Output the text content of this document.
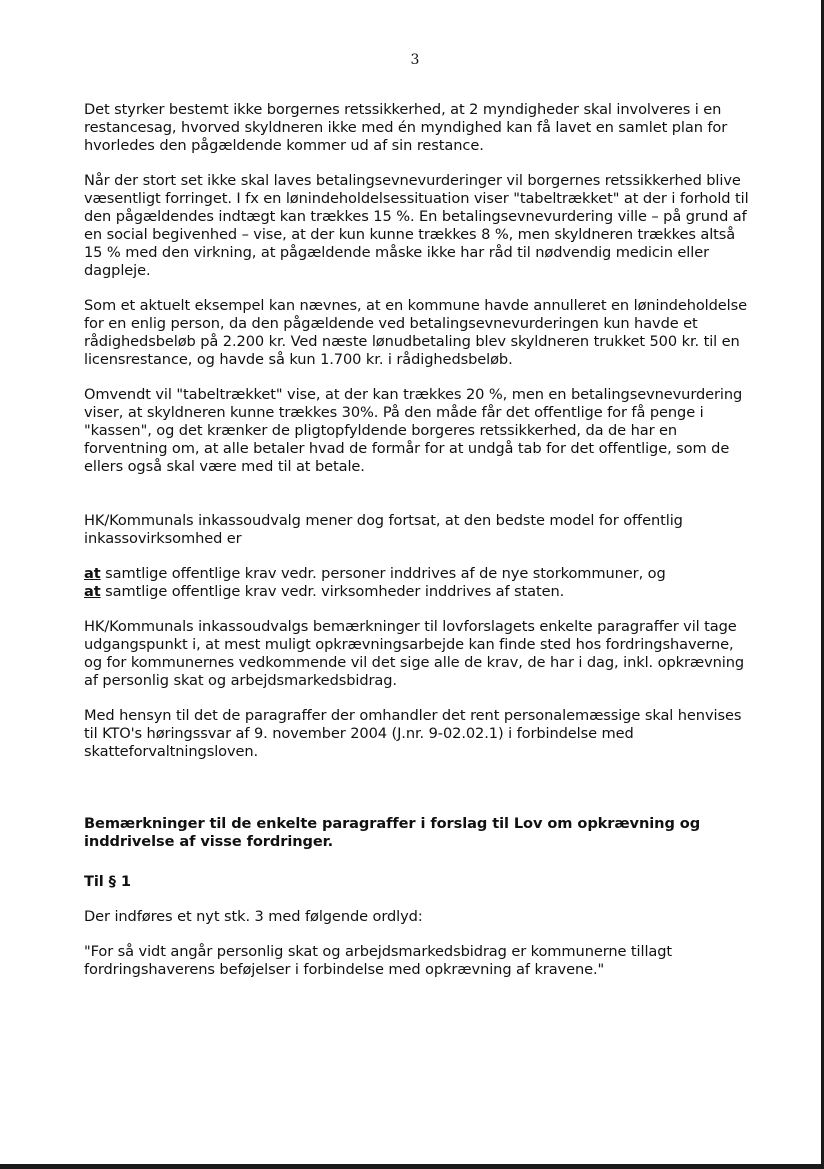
3

Det styrker bestemt ikke borgernes retssikkerhed, at 2 myndigheder skal involveres i en restancesag, hvorved skyldneren ikke med én myndighed kan få lavet en samlet plan for hvorledes den pågældende kommer ud af sin restance.

Når der stort set ikke skal laves betalingsevnevurderinger vil borgernes retssikkerhed blive væsentligt forringet. I fx en lønindeholdelsessituation viser "tabeltrækket" at der i forhold til den pågældendes indtægt kan trækkes 15 %. En betalingsevnevurdering ville – på grund af en social begivenhed – vise, at der kun kunne trækkes 8 %, men skyldneren trækkes altså 15 % med den virkning, at pågældende måske ikke har råd til nødvendig medicin eller dagpleje.

Som et aktuelt eksempel kan nævnes, at en kommune havde annulleret en lønindeholdelse for en enlig person, da den pågældende ved betalingsevnevurderingen kun havde et rådighedsbeløb på 2.200 kr. Ved næste lønudbetaling blev skyldneren trukket 500 kr. til en licensrestance, og havde så kun 1.700 kr. i rådighedsbeløb.

Omvendt vil "tabeltrækket" vise, at der kan trækkes 20 %, men en betalingsevnevurdering viser, at skyldneren kunne trækkes 30%. På den måde får det offentlige for få penge i "kassen", og det krænker de pligtopfyldende borgeres retssikkerhed, da de har en forventning om, at alle betaler hvad de formår for at undgå tab for det offentlige, som de ellers også skal være med til at betale.

HK/Kommunals inkassoudvalg mener dog fortsat, at den bedste model for offentlig inkassovirksomhed er

at samtlige offentlige krav vedr. personer inddrives af de nye storkommuner, og

at samtlige offentlige krav vedr. virksomheder inddrives af staten.

HK/Kommunals inkassoudvalgs bemærkninger til lovforslagets enkelte paragraffer vil tage udgangspunkt i, at mest muligt opkrævningsarbejde kan finde sted hos fordringshaverne, og for kommunernes vedkommende vil det sige alle de krav, de har i dag, inkl. opkrævning af personlig skat og arbejdsmarkedsbidrag.

Med hensyn til det de paragraffer der omhandler det rent personalemæssige skal henvises til KTO's høringssvar af 9. november 2004 (J.nr. 9-02.02.1) i forbindelse med skatteforvaltningsloven.

Bemærkninger til de enkelte paragraffer i forslag til Lov om opkrævning og inddrivelse af visse fordringer.

Til § 1

Der indføres et nyt stk. 3 med følgende ordlyd:

"For så vidt angår personlig skat og arbejdsmarkedsbidrag er kommunerne tillagt fordringshaverens beføjelser i forbindelse med opkrævning af kravene."
